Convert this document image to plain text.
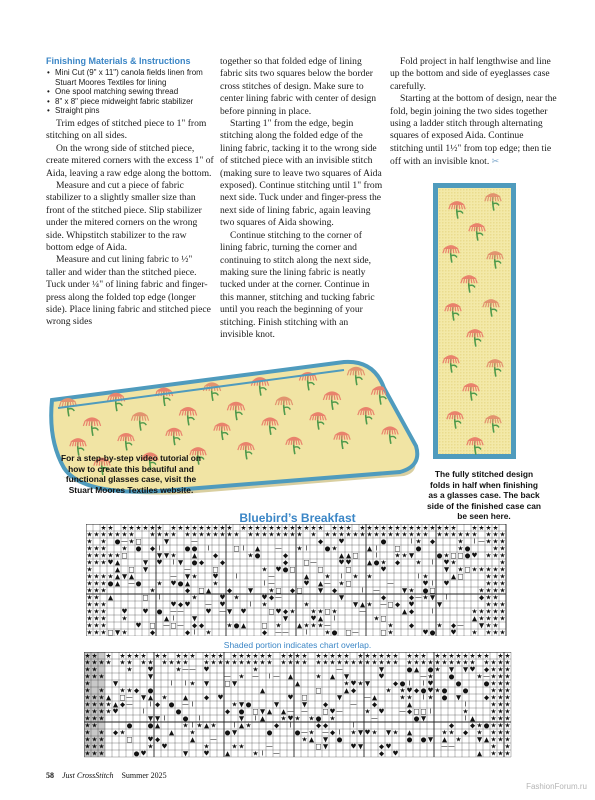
Finishing Materials & Instructions
• Mini Cut (9" x 11") canola fields linen from Stuart Moores Textiles for lining
• One spool matching sewing thread
• 8" x 8" piece midweight fabric stabilizer
• Straight pins

Trim edges of stitched piece to 1" from stitching on all sides.

On the wrong side of stitched piece, create mitered corners with the excess 1" of Aida, leaving a raw edge along the bottom.

Measure and cut a piece of fabric stabilizer to a slightly smaller size than front of the stitched piece. Slip stabilizer under the mitered corners on the wrong side. Whipstitch stabilizer to the raw bottom edge of Aida.

Measure and cut lining fabric to ½" taller and wider than the stitched piece. Tuck under ¼" of lining fabric and finger-press along the folded top edge (longer side). Place lining fabric and stitched piece wrong sides

together so that folded edge of lining fabric sits two squares below the border cross stitches of design. Make sure to center lining fabric with center of design before pinning in place.

Starting 1" from the edge, begin stitching along the folded edge of the lining fabric, tacking it to the wrong side of stitched piece with an invisible stitch (making sure to leave two squares of Aida exposed). Continue stitching until 1" from next side. Tuck under and finger-press the next side of lining fabric, again leaving two squares of Aida showing.

Continue stitching to the corner of lining fabric, turning the corner and continuing to stitch along the next side, making sure the lining fabric is neatly tucked under at the corner. Continue in this manner, stitching and tucking fabric until you reach the beginning of your stitching. Finish stitching with an invisible knot.

Fold project in half lengthwise and line up the bottom and side of eyeglasses case carefully.

Starting at the bottom of design, near the fold, begin joining the two sides together using a ladder stitch through alternating squares of exposed Aida. Continue stitching until 1½" from top edge; then tie off with an invisible knot. ✂

For a step-by-step video tutorial on how to create this beautiful and functional glasses case, visit the Stuart Moores Textiles website.
The fully stitched design folds in half when finishing as a glasses case. The back side of the finished case can be seen here.
Bluebird’s Breakfast
★ ★ ★ ★ ★ ★ ★ ★ ★ ★ ★ ★ ★ ★ ★ ★ ★ ★ ★ ★ ★ ★ ★ ★ ★ ★ ★ ★ ★ ★ ★ ★ ★ ★ ★ ★ ★ ★ ★ ★ ★ ★ ★ ★ ★ ★ ★ ★ ★ ★
★ ★ ★ ★ ★ ★ ★ ★ ★ ★ ★ ★ ★ ★ ★ ★ ★ ★ ★ ★ ★ ★ ★ ★ ★ ★ ★ ★ ★ ★ ★ ★ ★ ★ ★ ★ ★ ★ ★ ★ ★ ★ ★ ★ ★ ★ ★ ★ ★ ★ ★ ★
★ ★ ● — ★ □	▼	—	◆ ♥	●	I ★ ◆	★ I — ★ ★ ★
★ ★ ★ ★ ● ◆ I	● ● I	□ I ▲ — ★ I	● ★	▲ I	□ ●	★ ●	★ ★
★ ★ ★ ★ ★ □	▼ ▼ ★ ▲ ◆	★ ●	◆	▲ ▲ □	I	★ ★ ▼	● ★ □ □ ● ♥ ★ ★ ★
★ ★ ★ ♥ ▲	▼ ♥ I ▼ ● ◆ ◆	◆ □ —	♥ ♥ ▲ ● ★ ◆ ★ I ♥ ★	★
★	▲ □ ▼	—	□	★ ♥ ● □	□	□	♥	▼ ★ □ ★ ★ ★ ★ ★
★ ★ ★ ★ ▲ ▼ ▲	— ▼ ★ ♥	I	—	▲ ★ I ★ ★	I ★	▲ □	★ ★ ★
★ ★ ★ ● ▲ — ● ★ ♥ ● ▲	★	I —	♥ ▲ — ★ □	—	♥ I ♥	★ ★ ★
★ ★ ★	★	◆ □ ▲ ◆ ▼ ★ □ ◆ □ ▼ ◆	I —	▼ ★ ● □	★ ★ ★ ★
★ ★ ▲	□ I	★	♥ ★	♥ ◆ —	▼	◆	◆ — ★ ▼ I	◆ ★ ★
★ ★ ★	♥ ◆ ♥ — ♥	I ★	★	▼ ▲ ★ — □ ◆ ♥	▼	★ ★ ★
★ ★ ★ ♥ ♥ ● — —	♥ — ▼ ♥	□ ♥ ◆ ★ ★ ★ □ ★	—	▲ ◆	I	★ ★ ★ ★ ★
★ ★ ★ ★	▲ I	▼	▼	♥ ▲ I	★ □	▲ ★ ★ ★ ★
★ ★ ★	♥ □ — □ — ◆ ◆	★ ● ▲ □ ★ ▲ ★ ★ ★ —	★ ◆	★ ◆ — ▼ ★ ★
★ ★ ★ □ ▼ ★	◆	◆ I ★	◆ — —	I	★ ● □ —	□ ★	♥ ● ♥ ★ ★ ★ ★
Shaded portion indicates chart overlap.
★ ★ ★ ★ ★ ★ ★ ★ ★ ★ ★ ★ ★ ★ ★ ★ ★ ★ ★ ★ ★ ★ ★ ★ ★ ★ ★ ★ ★ ★ ★ ★ ★ ★ ★ ★ ★ ★ ★ ★ ★ ★ ★ ★ ★ ★ ★ ★ ★
★ ★ ★ ★ ★ ★ ★ ★ ★ ★ ★ ★ ★ ★ ★ ★ ★ ★ ★ ★ ★ ★ ★ ★ ★ ★ ★ ★ ★ ★ ★ ★ ★ ★ ★ ★ ★ ★ ★ ★ ★ ★ ★ ★ ★ ★ ★ ★ ★ ★ ★ ★
★ ★	★ ♥	★ — — ♥	★	—	▼	● ▲ ● ★ ▼ ▼ ♥ ◆ ★ ★ ★
★ ★ ★	▼	— ★ — I — ▲	★ ▲ ▼	♥	— ★ ●	★ — ★ ★ ★
★	▼	I I ★ ▼ □ ▼	▲	★ ♥ ★ ▼	◆ ● I I ♥	●	● ★ ★ ★
★ ★ ★ ★ ◆ ●	▲	□	▲ ◆	★ ★ ♥ ◆ ● ♥ ★ ● ●	★ ★ ★
★ ★ ★ ▲ □ — ▼ ▲ ★ ▲ ◆ ♥	♥ □	▼	— ▲	★ ★ I ★ ● ▼	◆ ★ ★ ★
★ ★ ★ ★ ▲ ◆ —	I ◆ ● — I	★ ▼ ●	▼	▼ ◆	— ◆	▲	I	★ ★ ★
★ ★ ★ ★ ♥	I	●	◆ ● □ ▼ ▲ ▲ — — □ ♥ —	★ ♥ — ◆ □ □ I	★	★ ★ ★
★ ★ ★	▼ ▼ I	● I	▼ I ▲ ★ ♥ ★ ★ ● ★	—	● ▼	I ▲ ★ ★ ★
★ ★	● ● ▲	★ I ★ ▲ ★	I ▲ ★	◆ I	◆ ◆	I	◆ ◆ ★ ● ★ ★ ★
★ ★ ◆ ★	▲ ★	● ▼	●	● — ★ — ◆ I ★ ▼ ♥ ★ ▼ ★ ▲	★ ★ ◆ ★ ★ ★ ★
★ ★ ★	□ ♥ ◆	▲ —	★ ▲ ▼ ●	● ● ▼ ▲ ★ ▼ ▲ ★ ★ ★
★ ★ ★	★ ♥	★	★ ★	—	□ ▼	♥ ▼ ◆ ♥	— —	★ ★
★ ★ ★	● ♥	▼ ♥ ▲	★ I —	◆ ♥	▲ ★ ★ ★
58 Just CrossStitch Summer 2025
FashionForum.ru
